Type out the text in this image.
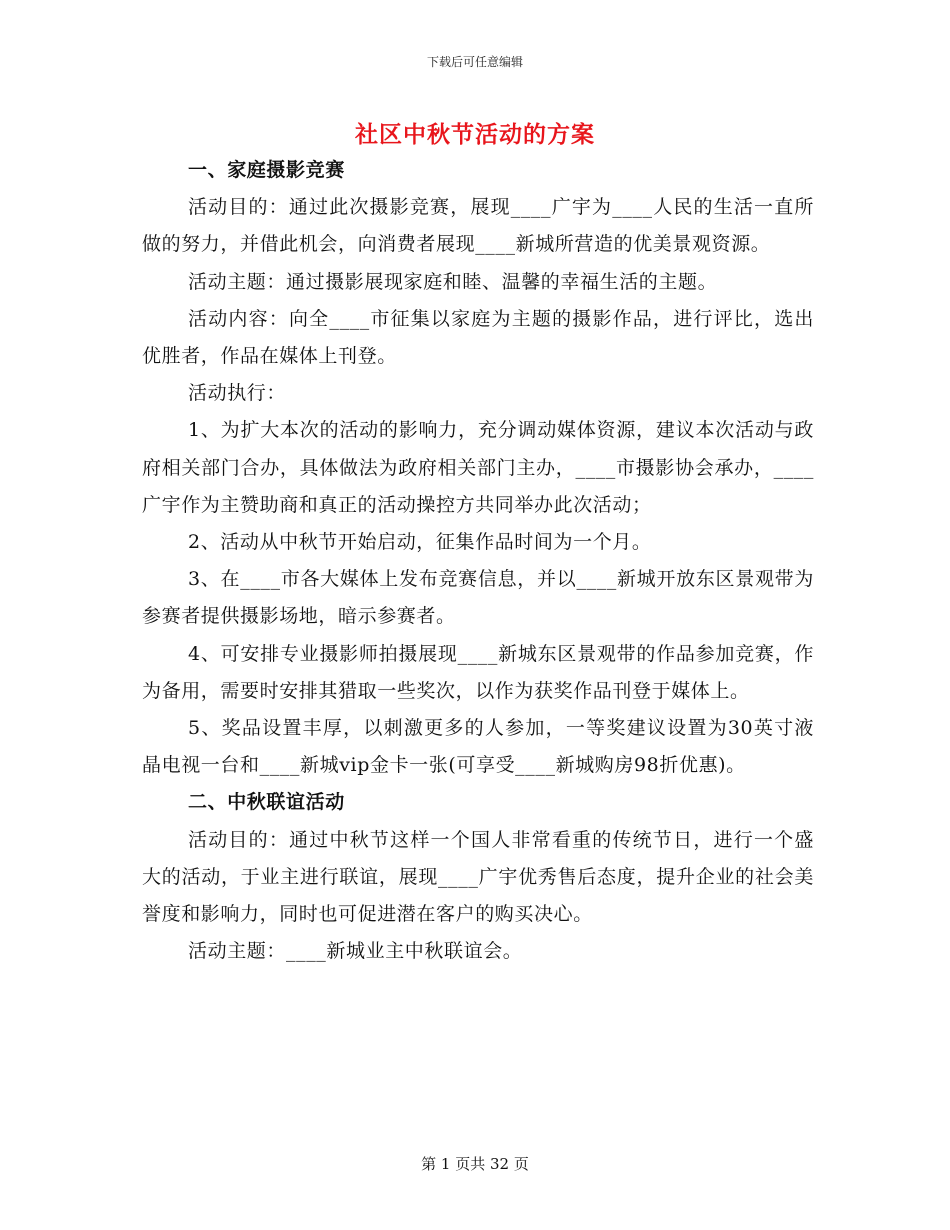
下载后可任意编辑
社区中秋节活动的方案

一、家庭摄影竞赛

活动目的：通过此次摄影竞赛，展现____广宇为____人民的生活一直所做的努力，并借此机会，向消费者展现____新城所营造的优美景观资源。

活动主题：通过摄影展现家庭和睦、温馨的幸福生活的主题。

活动内容：向全____市征集以家庭为主题的摄影作品，进行评比，选出优胜者，作品在媒体上刊登。

活动执行：

1、为扩大本次的活动的影响力，充分调动媒体资源，建议本次活动与政府相关部门合办，具体做法为政府相关部门主办，____市摄影协会承办，____广宇作为主赞助商和真正的活动操控方共同举办此次活动；

2、活动从中秋节开始启动，征集作品时间为一个月。

3、在____市各大媒体上发布竞赛信息，并以____新城开放东区景观带为参赛者提供摄影场地，暗示参赛者。

4、可安排专业摄影师拍摄展现____新城东区景观带的作品参加竞赛，作为备用，需要时安排其猎取一些奖次，以作为获奖作品刊登于媒体上。

5、奖品设置丰厚，以刺激更多的人参加，一等奖建议设置为30英寸液晶电视一台和____新城vip金卡一张(可享受____新城购房98折优惠)。

二、中秋联谊活动

活动目的：通过中秋节这样一个国人非常看重的传统节日，进行一个盛大的活动，于业主进行联谊，展现____广宇优秀售后态度，提升企业的社会美誉度和影响力，同时也可促进潜在客户的购买决心。

活动主题：____新城业主中秋联谊会。

第 1 页共 32 页
